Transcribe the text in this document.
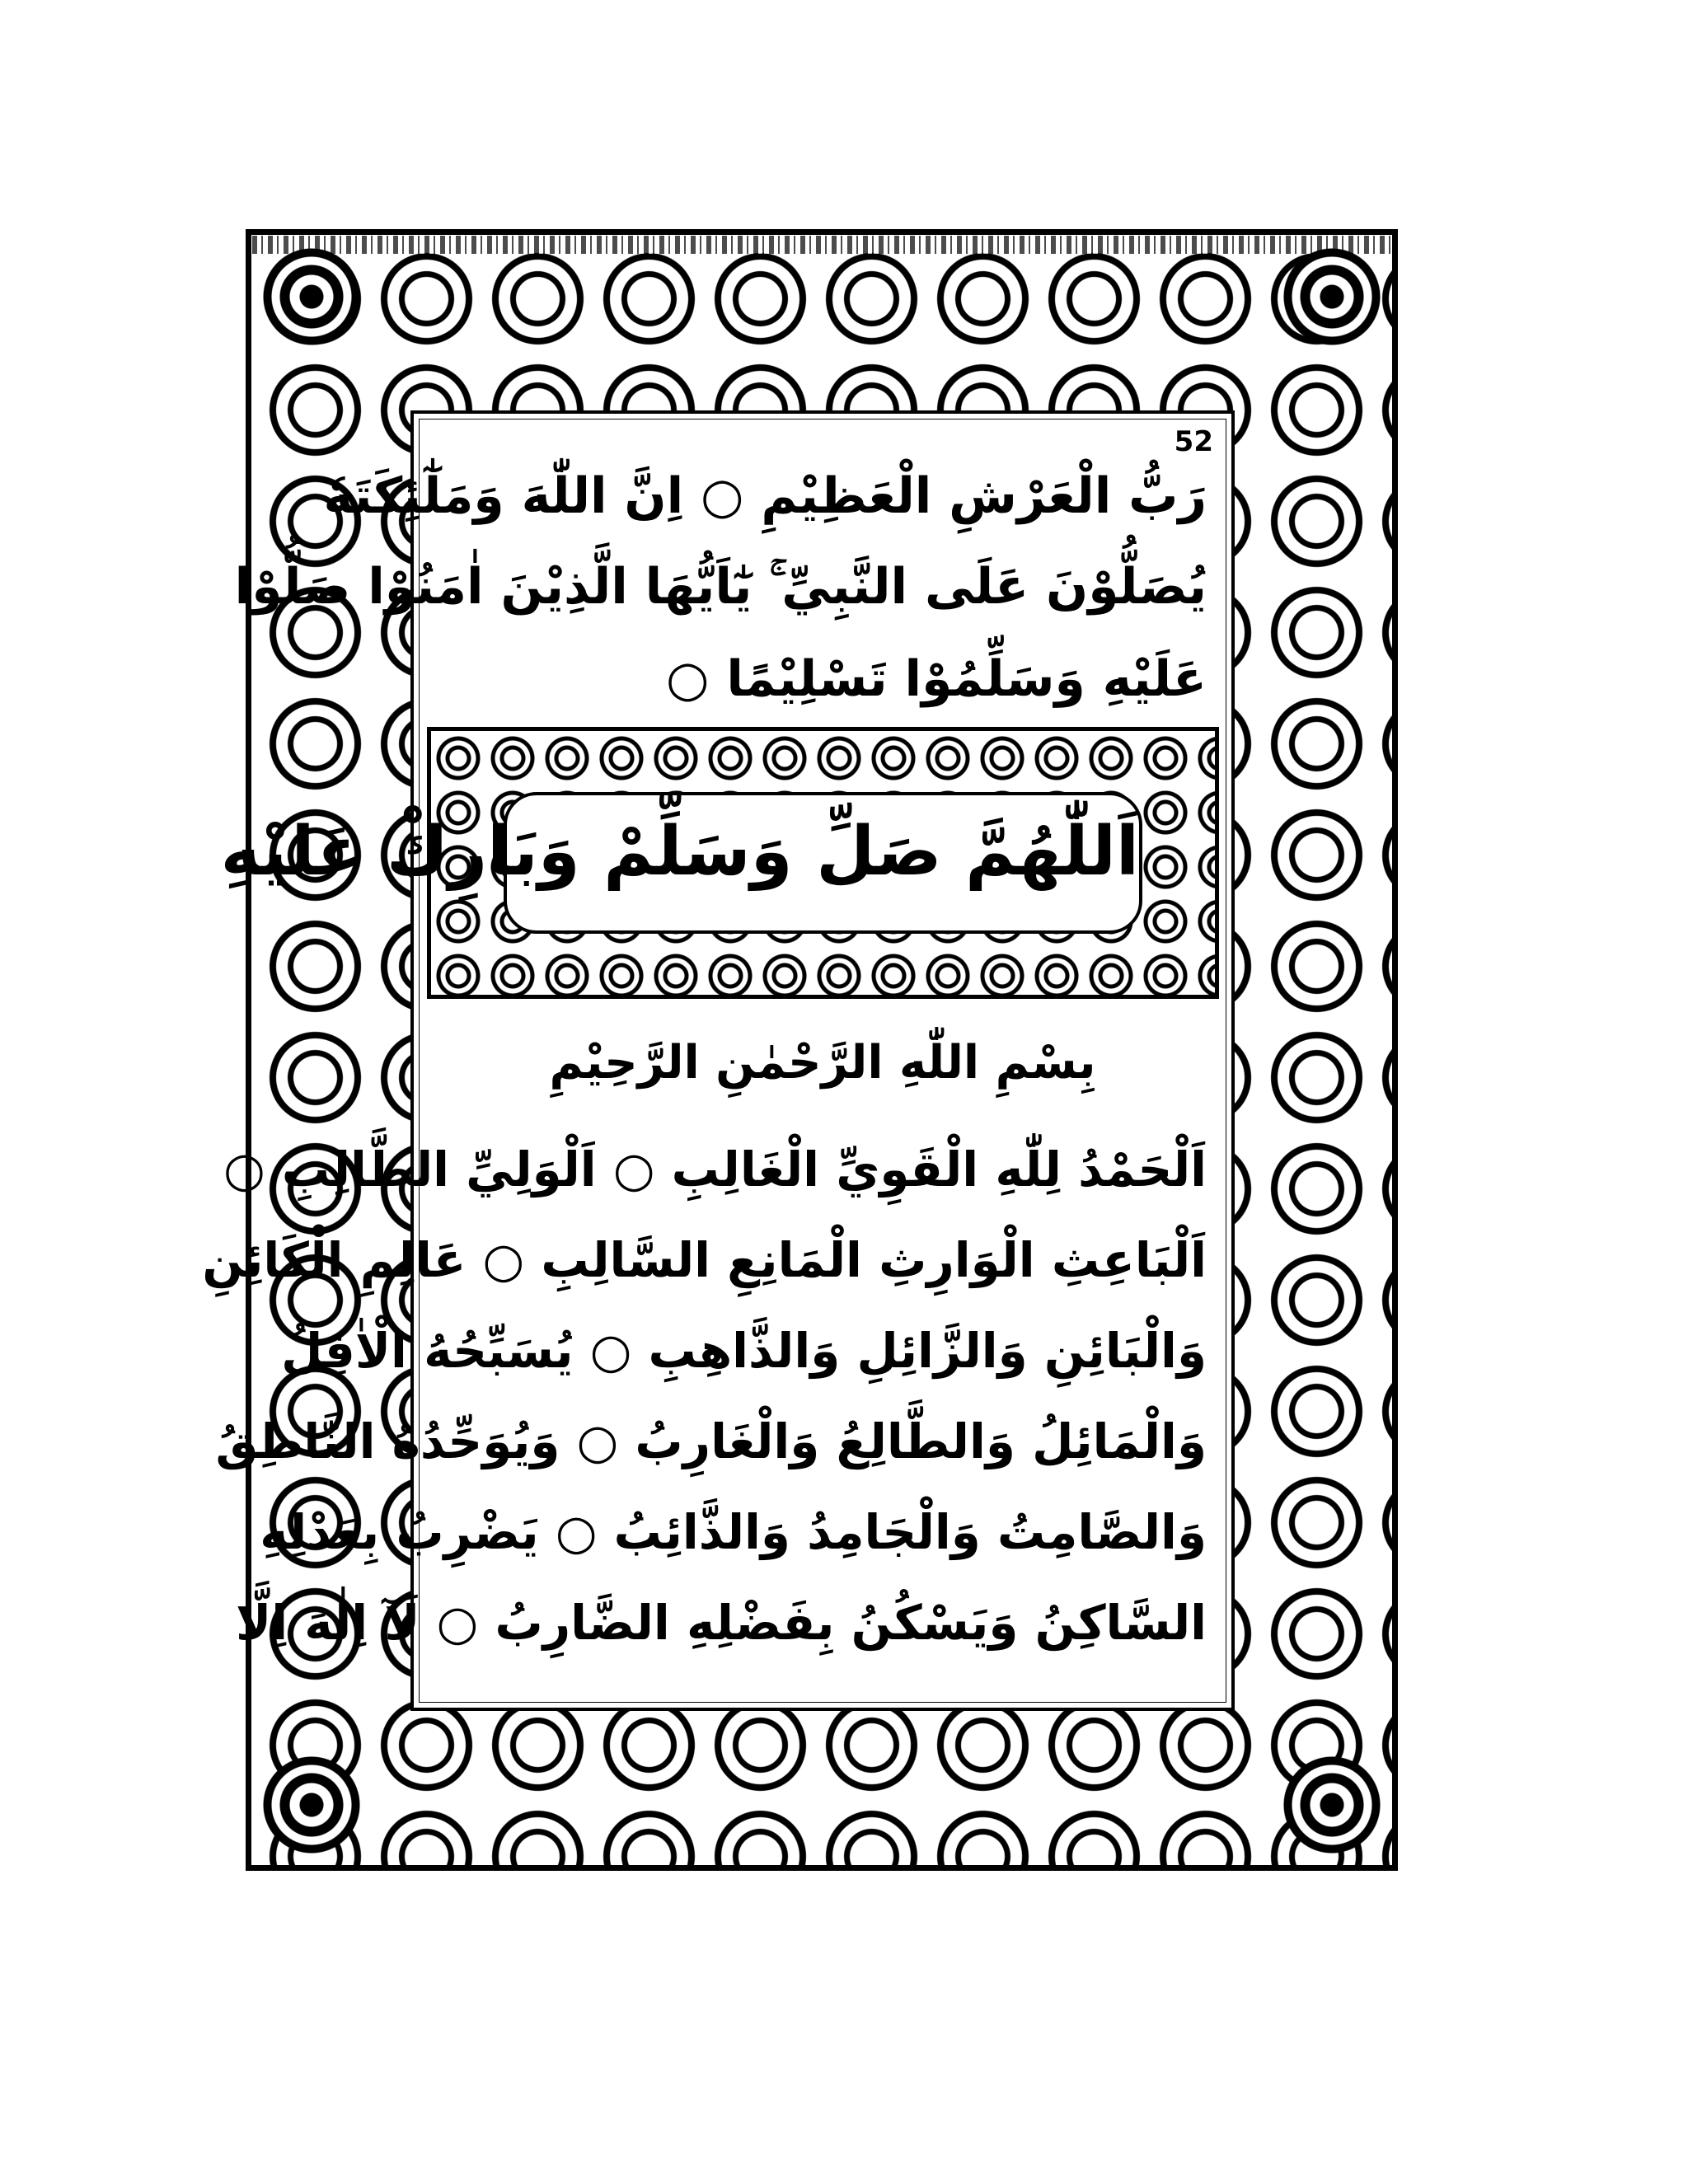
52
رَبُّ الْعَرْشِ الْعَظِيْمِ ○ اِنَّ اللّٰهَ وَمَلٰٓئِكَتَهٗ
يُصَلُّوْنَ عَلَى النَّبِيِّ ۚ يٰٓاَيُّهَا الَّذِيْنَ اٰمَنُوْا صَلُّوْا
عَلَيْهِ وَسَلِّمُوْا تَسْلِيْمًا ○
اَللّٰهُمَّ صَلِّ وَسَلِّمْ وَبَارِكْ عَلَيْهِ
بِسْمِ اللّٰهِ الرَّحْمٰنِ الرَّحِيْمِ
اَلْحَمْدُ لِلّٰهِ الْقَوِيِّ الْغَالِبِ ○ اَلْوَلِيِّ الطَّالِبِ ○
اَلْبَاعِثِ الْوَارِثِ الْمَانِعِ السَّالِبِ ○ عَالِمِ الْكَائِنِ
وَالْبَائِنِ وَالزَّائِلِ وَالذَّاهِبِ ○ يُسَبِّحُهُ الْاٰفِلُ
وَالْمَائِلُ وَالطَّالِعُ وَالْغَارِبُ ○ وَيُوَحِّدُهُ النَّاطِقُ
وَالصَّامِتُ وَالْجَامِدُ وَالذَّائِبُ ○ يَضْرِبُ بِعَدْلِهِ
السَّاكِنُ وَيَسْكُنُ بِفَضْلِهِ الضَّارِبُ ○ لَآ اِلٰهَ اِلَّا
